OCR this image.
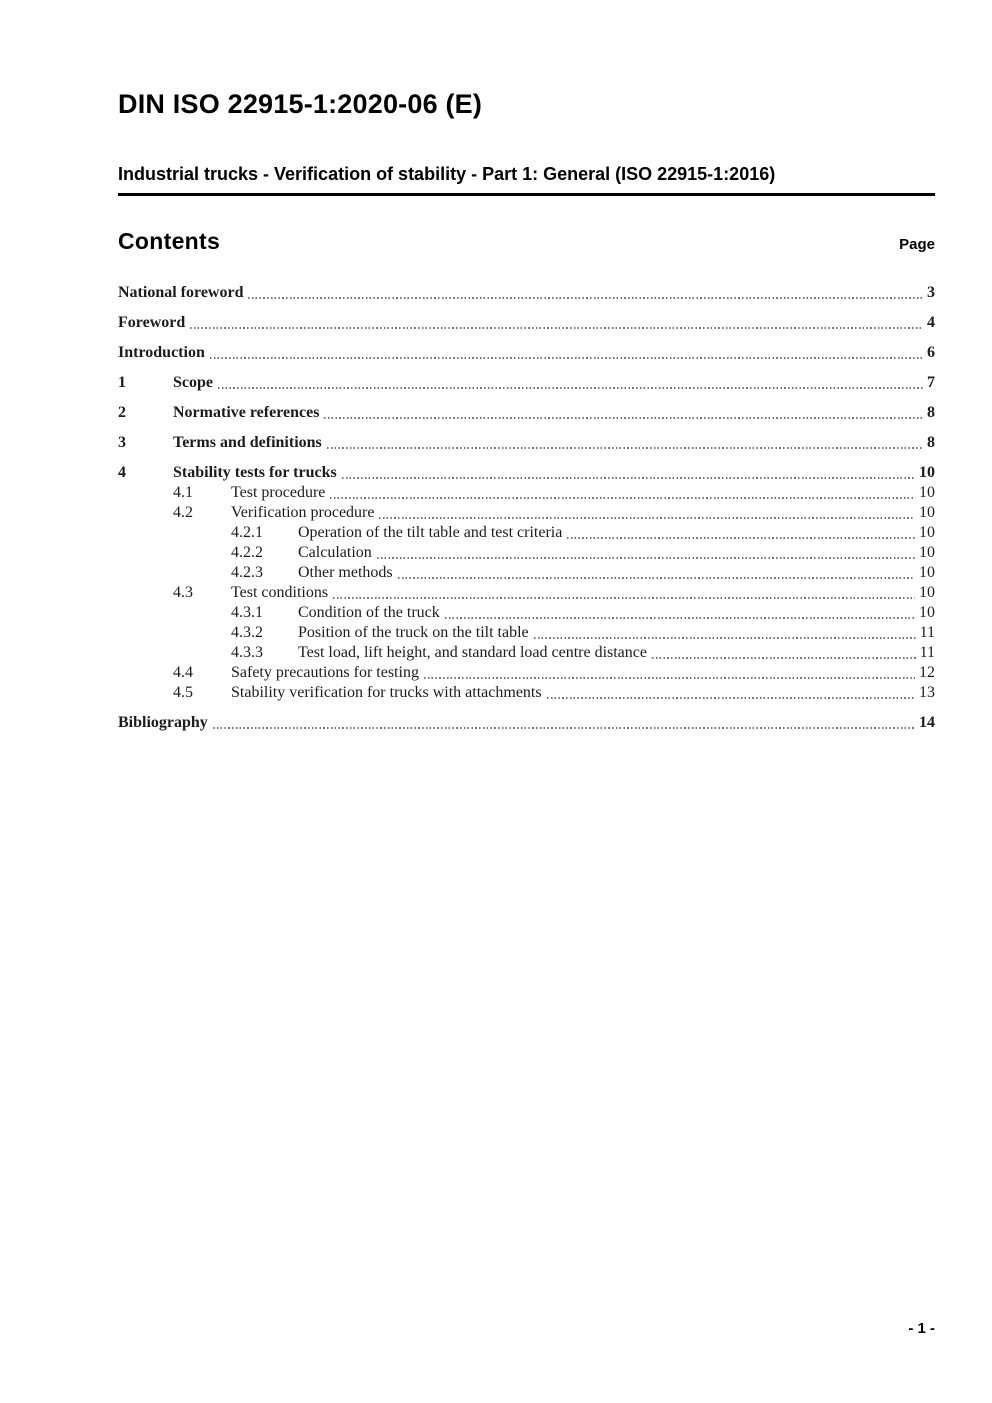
DIN ISO 22915-1:2020-06 (E)
Industrial trucks - Verification of stability - Part 1: General (ISO 22915-1:2016)
Contents	Page
National foreword	3
Foreword	4
Introduction	6
1	Scope	7
2	Normative references	8
3	Terms and definitions	8
4	Stability tests for trucks	10
4.1	Test procedure	10
4.2	Verification procedure	10
4.2.1	Operation of the tilt table and test criteria	10
4.2.2	Calculation	10
4.2.3	Other methods	10
4.3	Test conditions	10
4.3.1	Condition of the truck	10
4.3.2	Position of the truck on the tilt table	11
4.3.3	Test load, lift height, and standard load centre distance	11
4.4	Safety precautions for testing	12
4.5	Stability verification for trucks with attachments	13
Bibliography	14
- 1 -
